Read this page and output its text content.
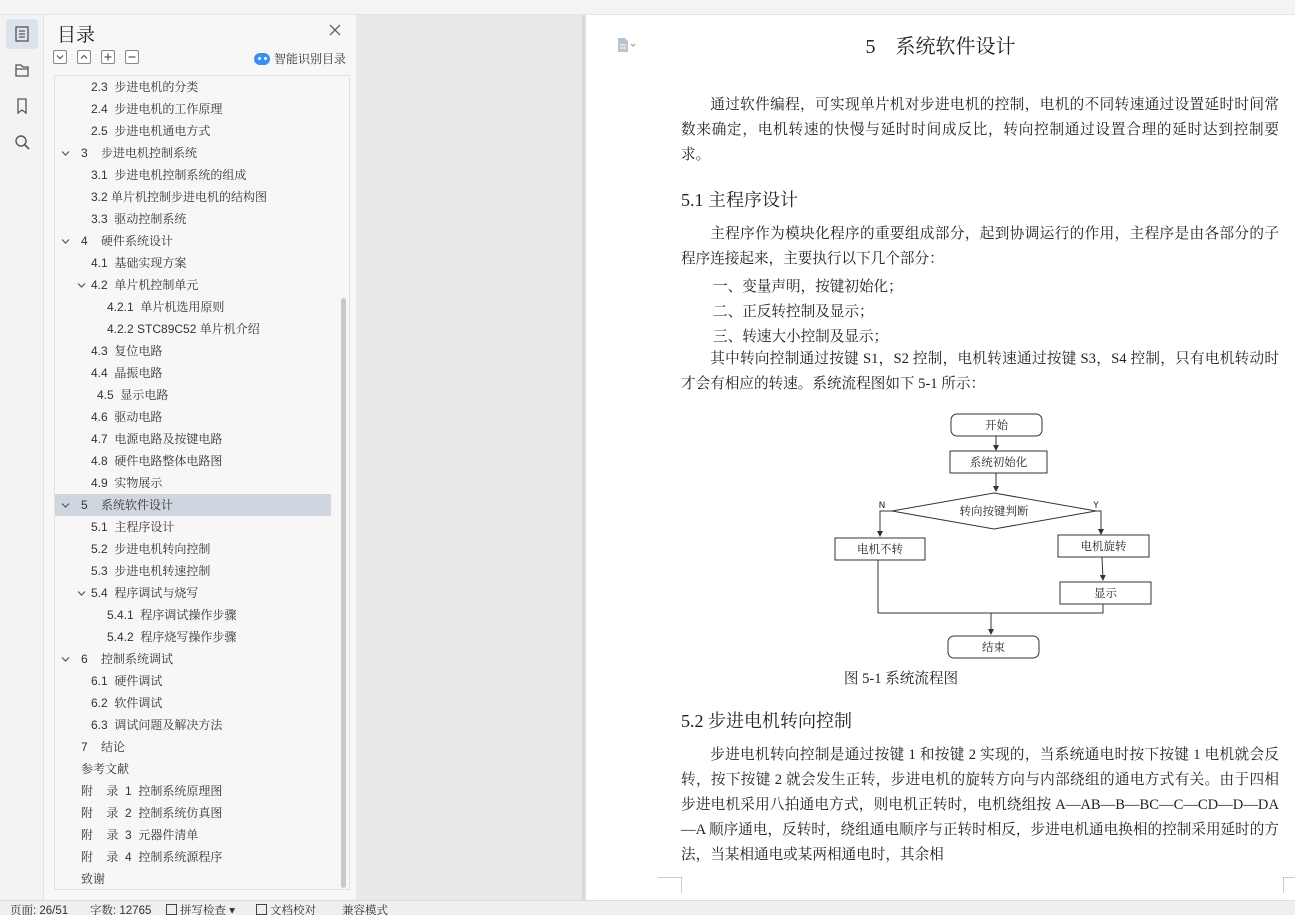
目录
智能识别目录
2.3  步进电机的分类
2.4  步进电机的工作原理
2.5  步进电机通电方式
3    步进电机控制系统
3.1  步进电机控制系统的组成
3.2 单片机控制步进电机的结构图
3.3  驱动控制系统
4    硬件系统设计
4.1  基础实现方案
4.2  单片机控制单元
4.2.1  单片机选用原则
4.2.2 STC89C52 单片机介绍
4.3  复位电路
4.4  晶振电路
4.5  显示电路
4.6  驱动电路
4.7  电源电路及按键电路
4.8  硬件电路整体电路图
4.9  实物展示
5    系统软件设计
5.1  主程序设计
5.2  步进电机转向控制
5.3  步进电机转速控制
5.4  程序调试与烧写
5.4.1  程序调试操作步骤
5.4.2  程序烧写操作步骤
6    控制系统调试
6.1  硬件调试
6.2  软件调试
6.3  调试问题及解决方法
7    结论
参考文献
附    录  1  控制系统原理图
附    录  2  控制系统仿真图
附    录  3  元器件清单
附    录  4  控制系统源程序
致谢
5    系统软件设计

通过软件编程，可实现单片机对步进电机的控制，电机的不同转速通过设置延时时间常数来确定，电机转速的快慢与延时时间成反比，转向控制通过设置合理的延时达到控制要求。

5.1 主程序设计

主程序作为模块化程序的重要组成部分，起到协调运行的作用，主程序是由各部分的子程序连接起来，主要执行以下几个部分：

一、变量声明，按键初始化；
二、正反转控制及显示；
三、转速大小控制及显示；

其中转向控制通过按键 S1，S2 控制，电机转速通过按键 S3，S4 控制，只有电机转动时才会有相应的转速。系统流程图如下 5-1 所示：

开始
系统初始化
转向按键判断
N	Y
电机不转	电机旋转
显示
结束
图 5-1 系统流程图
5.2 步进电机转向控制

步进电机转向控制是通过按键 1 和按键 2 实现的，当系统通电时按下按键 1 电机就会反转，按下按键 2 就会发生正转，步进电机的旋转方向与内部绕组的通电方式有关。由于四相步进电机采用八拍通电方式，则电机正转时，电机绕组按 A—AB—B—BC—C—CD—D—DA—A 顺序通电，反转时，绕组通电顺序与正转时相反，步进电机通电换相的控制采用延时的方法，当某相通电或某两相通电时，其余相

页面: 26/51 字数: 12765	拼写检查 ▾	文档校对 兼容模式
